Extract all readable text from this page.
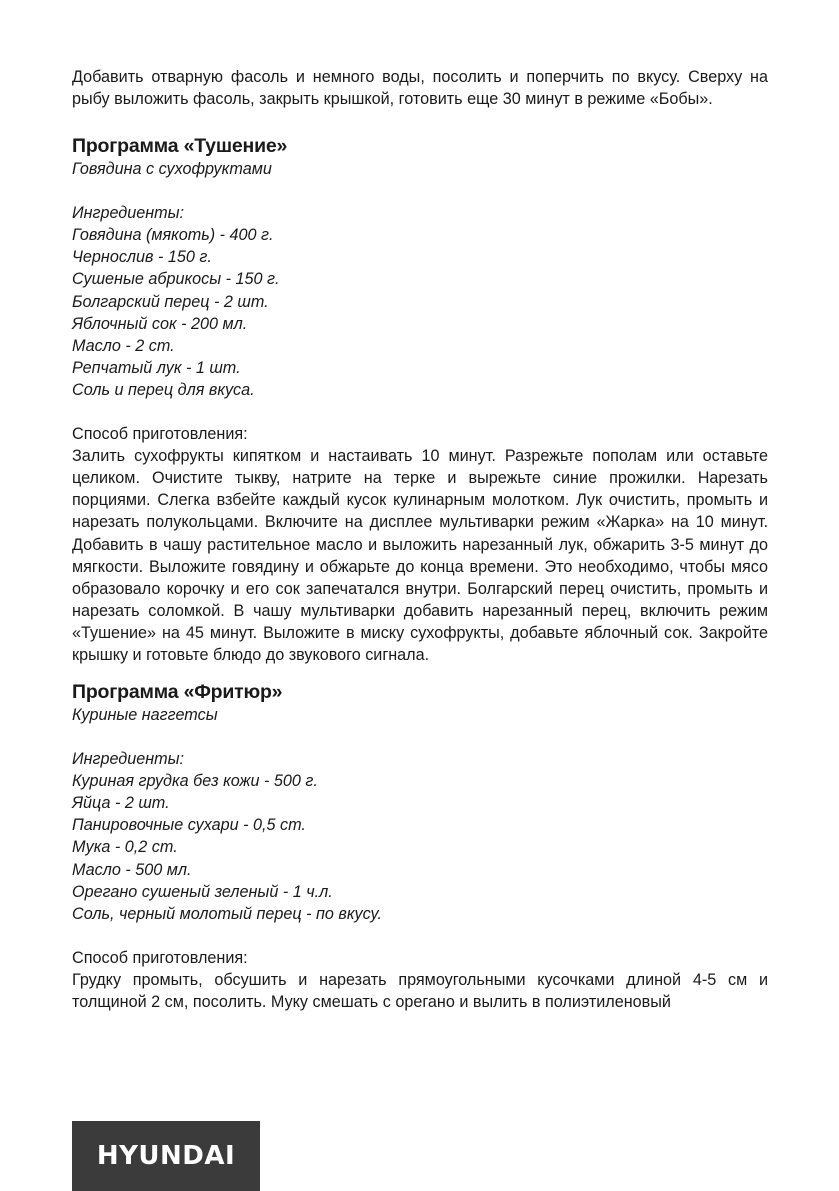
Добавить отварную фасоль и немного воды, посолить и поперчить по вкусу. Сверху на рыбу выложить фасоль, закрыть крышкой, готовить еще 30 минут в режиме «Бобы».

Программа «Тушение»

Говядина с сухофруктами

Ингредиенты:

Говядина (мякоть) - 400 г.

Чернослив - 150 г.

Сушеные абрикосы - 150 г.

Болгарский перец - 2 шт.

Яблочный сок - 200 мл.

Масло - 2 ст.

Репчатый лук - 1 шт.

Соль и перец для вкуса.

Способ приготовления:

Залить сухофрукты кипятком и настаивать 10 минут. Разрежьте пополам или оставьте целиком. Очистите тыкву, натрите на терке и вырежьте синие прожилки. Нарезать порциями. Слегка взбейте каждый кусок кулинарным молотком. Лук очистить, промыть и нарезать полукольцами. Включите на дисплее мультиварки режим «Жарка» на 10 минут. Добавить в чашу растительное масло и выложить нарезанный лук, обжарить 3-5 минут до мягкости. Выложите говядину и обжарьте до конца времени. Это необходимо, чтобы мясо образовало корочку и его сок запечатался внутри. Болгарский перец очистить, промыть и нарезать соломкой. В чашу мультиварки добавить нарезанный перец, включить режим «Тушение» на 45 минут. Выложите в миску сухофрукты, добавьте яблочный сок. Закройте крышку и готовьте блюдо до звукового сигнала.

Программа «Фритюр»

Куриные наггетсы

Ингредиенты:

Куриная грудка без кожи - 500 г.

Яйца - 2 шт.

Панировочные сухари - 0,5 ст.

Мука - 0,2 ст.

Масло - 500 мл.

Орегано сушеный зеленый - 1 ч.л.

Соль, черный молотый перец - по вкусу.

Способ приготовления:

Грудку промыть, обсушить и нарезать прямоугольными кусочками длиной 4-5 см и толщиной 2 см, посолить. Муку смешать с орегано и вылить в полиэтиленовый

HYUNDAI
